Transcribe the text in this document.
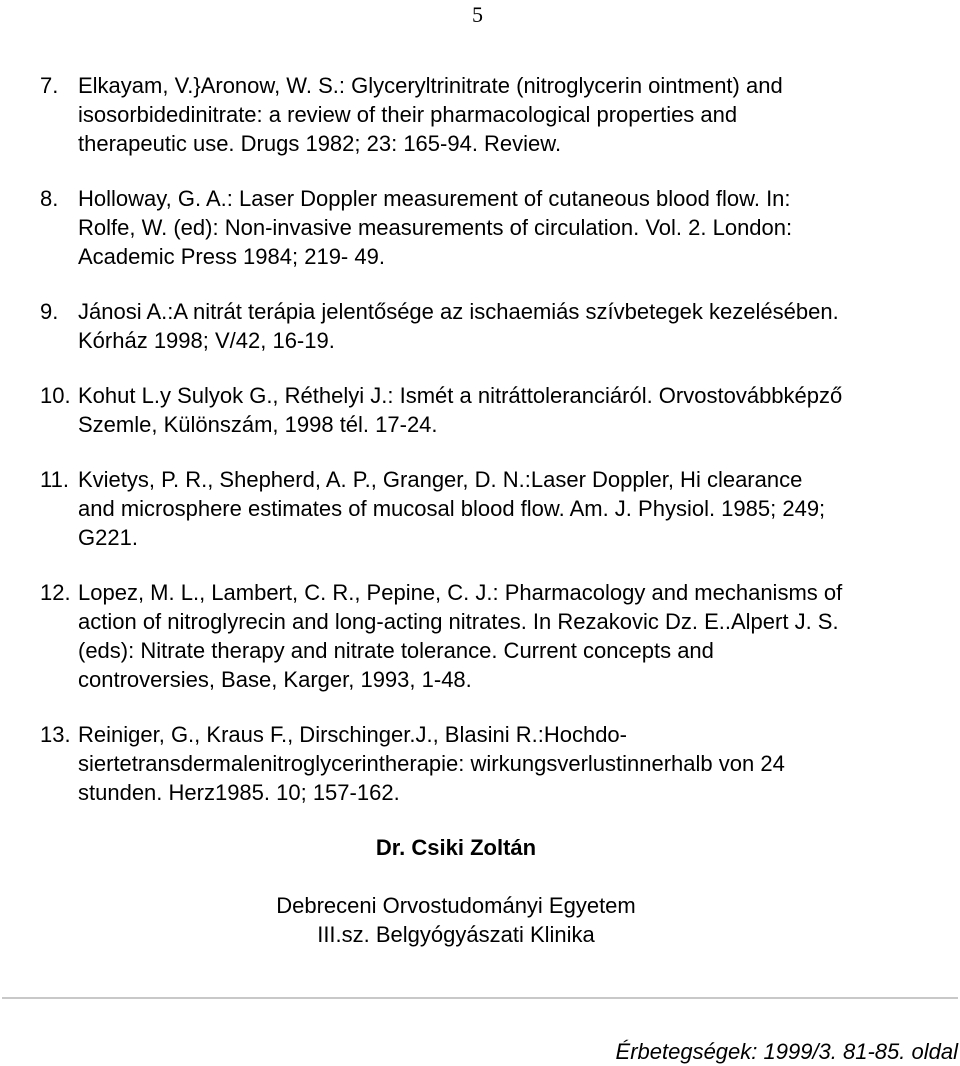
5
7. Elkayam, V.}Aronow, W. S.: Glyceryltrinitrate (nitroglycerin ointment) and
isosorbidedinitrate: a review of their pharmacological properties and
therapeutic use. Drugs 1982; 23: 165-94. Review.
8. Holloway, G. A.: Laser Doppler measurement of cutaneous blood flow. In:
Rolfe, W. (ed): Non-invasive measurements of circulation. Vol. 2. London:
Academic Press 1984; 219- 49.
9. Jánosi A.:A nitrát terápia jelentősége az ischaemiás szívbetegek kezelésében.
Kórház 1998; V/42, 16-19.
10. Kohut L.y Sulyok G., Réthelyi J.: Ismét a nitráttoleranciáról. Orvostovábbképző
Szemle, Különszám, 1998 tél. 17-24.
11. Kvietys, P. R., Shepherd, A. P., Granger, D. N.:Laser Doppler, Hi clearance
and microsphere estimates of mucosal blood flow. Am. J. Physiol. 1985; 249;
G221.
12. Lopez, M. L., Lambert, C. R., Pepine, C. J.: Pharmacology and mechanisms of
action of nitroglyrecin and long-acting nitrates. In Rezakovic Dz. E..Alpert J. S.
(eds): Nitrate therapy and nitrate tolerance. Current concepts and
controversies, Base, Karger, 1993, 1-48.
13. Reiniger, G., Kraus F., Dirschinger.J., Blasini R.:Hochdo-
siertetransdermalenitroglycerintherapie: wirkungsverlustinnerhalb von 24
stunden. Herz1985. 10; 157-162.
Dr. Csiki Zoltán
Debreceni Orvostudományi Egyetem
III.sz. Belgyógyászati Klinika
Érbetegségek: 1999/3. 81-85. oldal
